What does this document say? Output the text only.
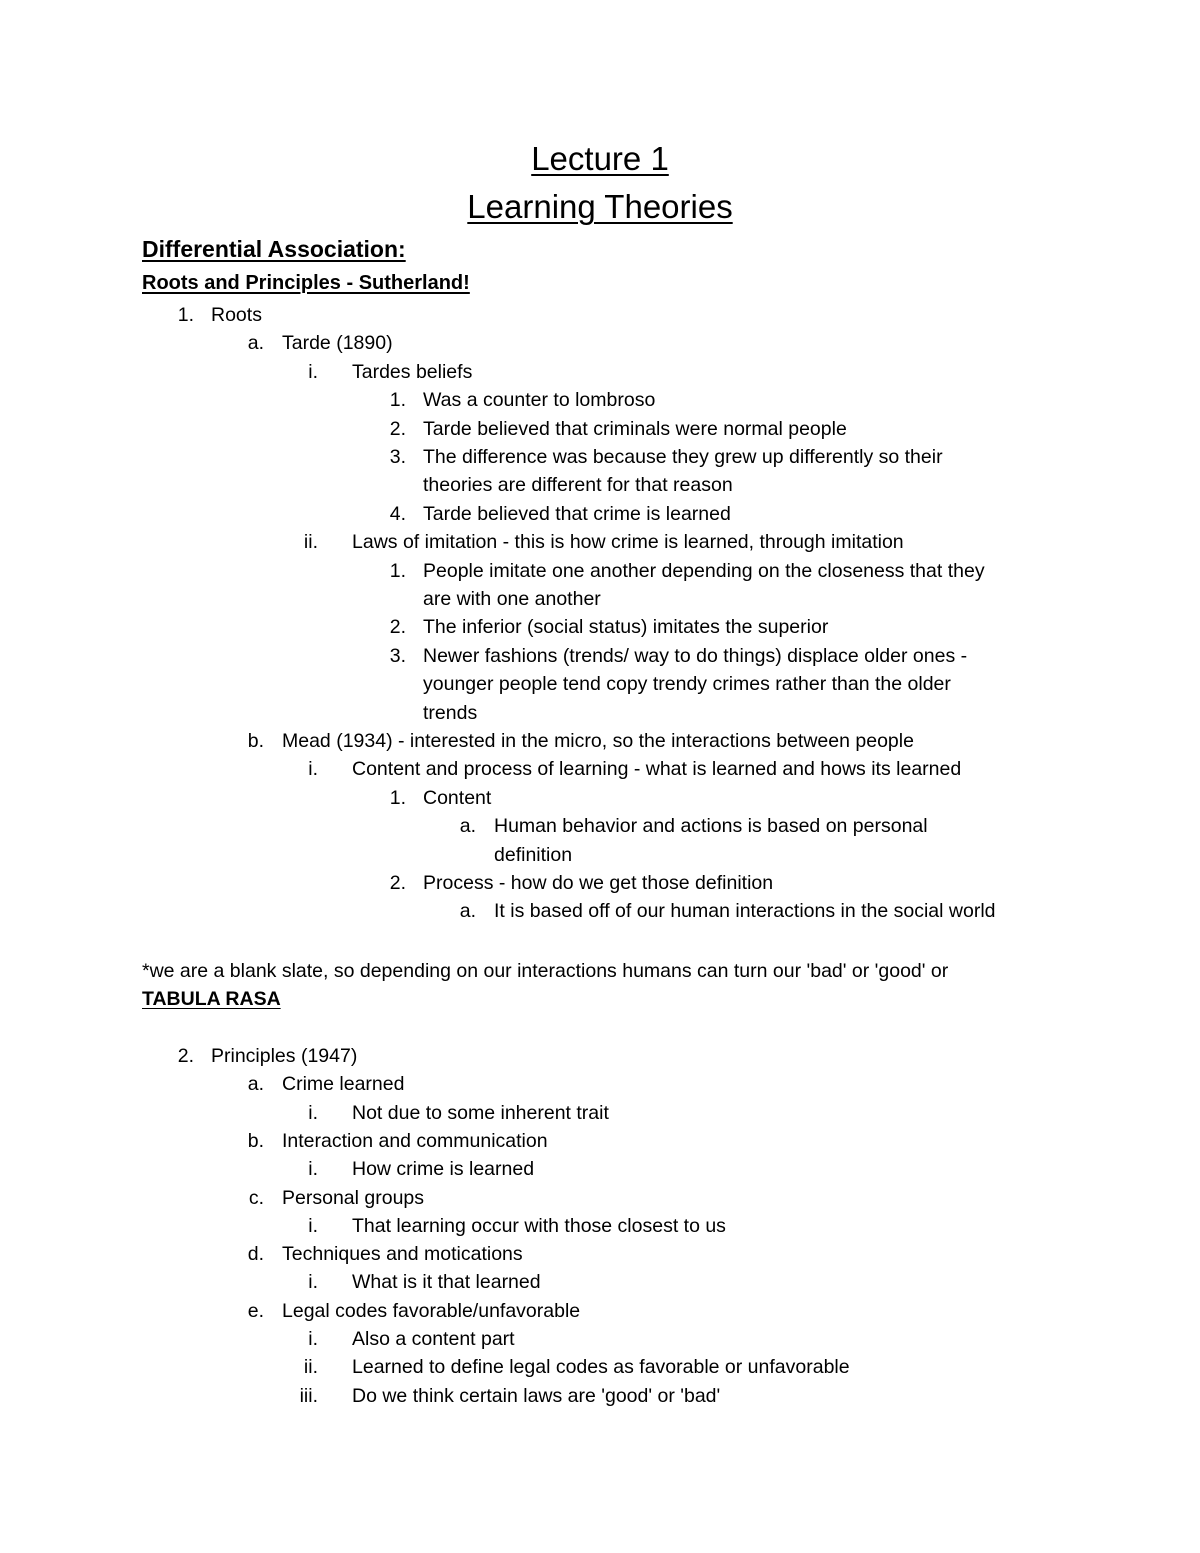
Lecture 1
Learning Theories
Differential Association:
Roots and Principles - Sutherland!
1. Roots
a. Tarde (1890)
i. Tardes beliefs
1. Was a counter to lombroso
2. Tarde believed that criminals were normal people
3. The difference was because they grew up differently so their
theories are different for that reason
4. Tarde believed that crime is learned
ii. Laws of imitation - this is how crime is learned, through imitation
1. People imitate one another depending on the closeness that they
are with one another
2. The inferior (social status) imitates the superior
3. Newer fashions (trends/ way to do things) displace older ones -
younger people tend copy trendy crimes rather than the older
trends
b. Mead (1934) - interested in the micro, so the interactions between people
i. Content and process of learning - what is learned and hows its learned
1. Content
a. Human behavior and actions is based on personal
definition
2. Process - how do we get those definition
a. It is based off of our human interactions in the social world
*we are a blank slate, so depending on our interactions humans can turn our 'bad' or 'good' or
TABULA RASA
2. Principles (1947)
a. Crime learned
i. Not due to some inherent trait
b. Interaction and communication
i. How crime is learned
c. Personal groups
i. That learning occur with those closest to us
d. Techniques and motications
i. What is it that learned
e. Legal codes favorable/unfavorable
i. Also a content part
ii. Learned to define legal codes as favorable or unfavorable
iii. Do we think certain laws are 'good' or 'bad'
